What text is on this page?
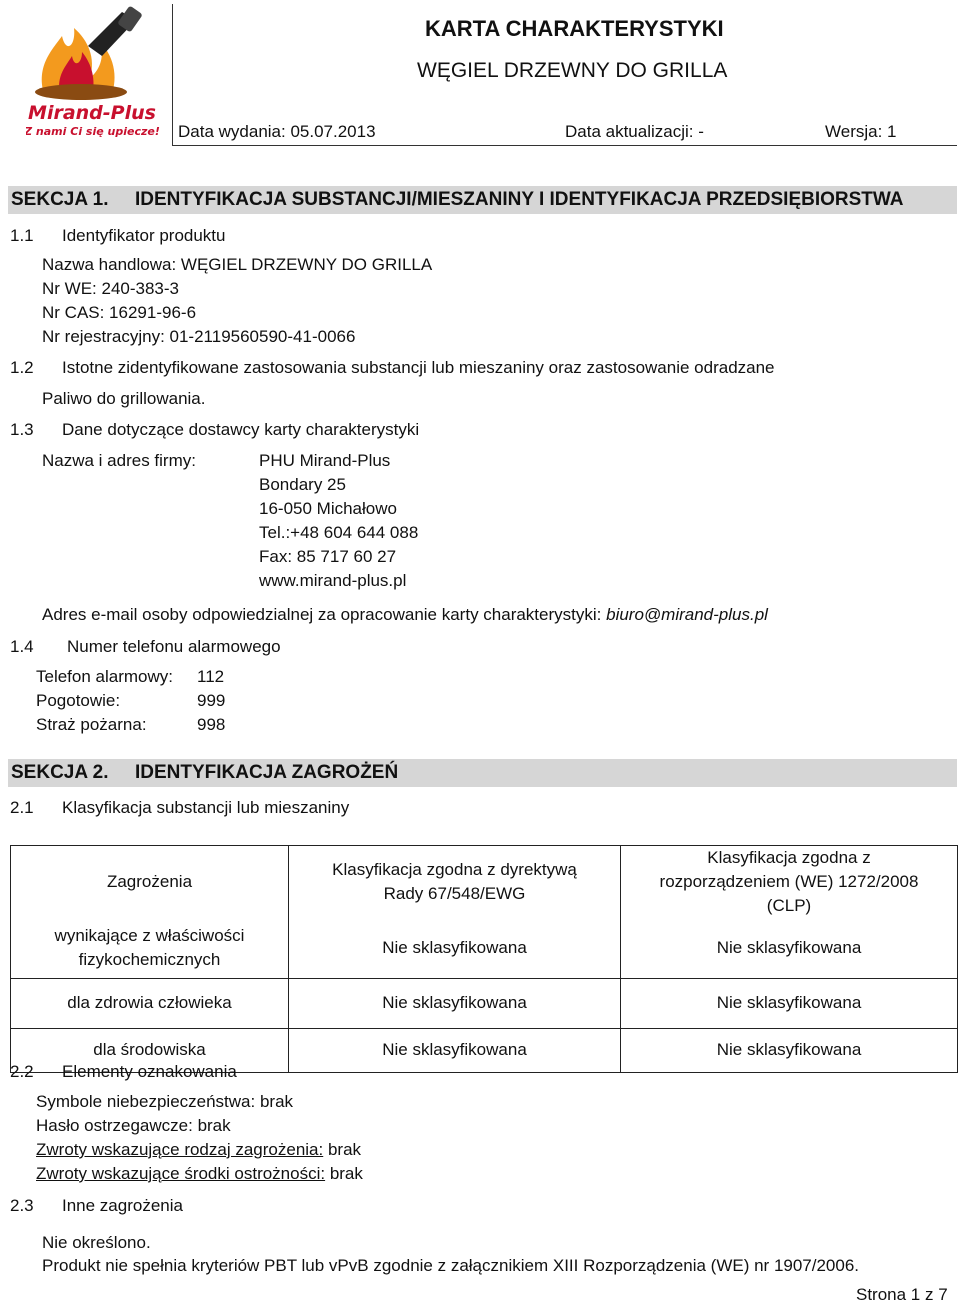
Mirand-Plus
Z nami Ci się upiecze!
KARTA CHARAKTERYSTYKI
WĘGIEL DRZEWNY DO GRILLA
Data wydania: 05.07.2013	Data aktualizacji: -	Wersja: 1
SEKCJA 1. IDENTYFIKACJA SUBSTANCJI/MIESZANINY I IDENTYFIKACJA PRZEDSIĘBIORSTWA
1.1 Identyfikator produktu
Nazwa handlowa: WĘGIEL DRZEWNY DO GRILLA
Nr WE: 240-383-3
Nr CAS: 16291-96-6
Nr rejestracyjny: 01-2119560590-41-0066
1.2 Istotne zidentyfikowane zastosowania substancji lub mieszaniny oraz zastosowanie odradzane
Paliwo do grillowania.
1.3 Dane dotyczące dostawcy karty charakterystyki
Nazwa i adres firmy:	PHU Mirand-Plus
Bondary 25
16-050 Michałowo
Tel.:+48 604 644 088
Fax: 85 717 60 27
www.mirand-plus.pl
Adres e-mail osoby odpowiedzialnej za opracowanie karty charakterystyki: biuro@mirand-plus.pl
1.4 Numer telefonu alarmowego
Telefon alarmowy: 112
Pogotowie:	999
Straż pożarna:	998
SEKCJA 2. IDENTYFIKACJA ZAGROŻEŃ
2.1 Klasyfikacja substancji lub mieszaniny
Zagrożenia	Klasyfikacja zgodna z dyrektywą Rady 67/548/EWG	Klasyfikacja zgodna z rozporządzeniem (WE) 1272/2008 (CLP)
wynikające z właściwości fizykochemicznych	Nie sklasyfikowana	Nie sklasyfikowana
dla zdrowia człowieka	Nie sklasyfikowana	Nie sklasyfikowana
dla środowiska	Nie sklasyfikowana	Nie sklasyfikowana
2.2 Elementy oznakowania
Symbole niebezpieczeństwa: brak
Hasło ostrzegawcze: brak
Zwroty wskazujące rodzaj zagrożenia: brak
Zwroty wskazujące środki ostrożności: brak
2.3 Inne zagrożenia
Nie określono.
Produkt nie spełnia kryteriów PBT lub vPvB zgodnie z załącznikiem XIII Rozporządzenia (WE) nr 1907/2006.
Strona 1 z 7
